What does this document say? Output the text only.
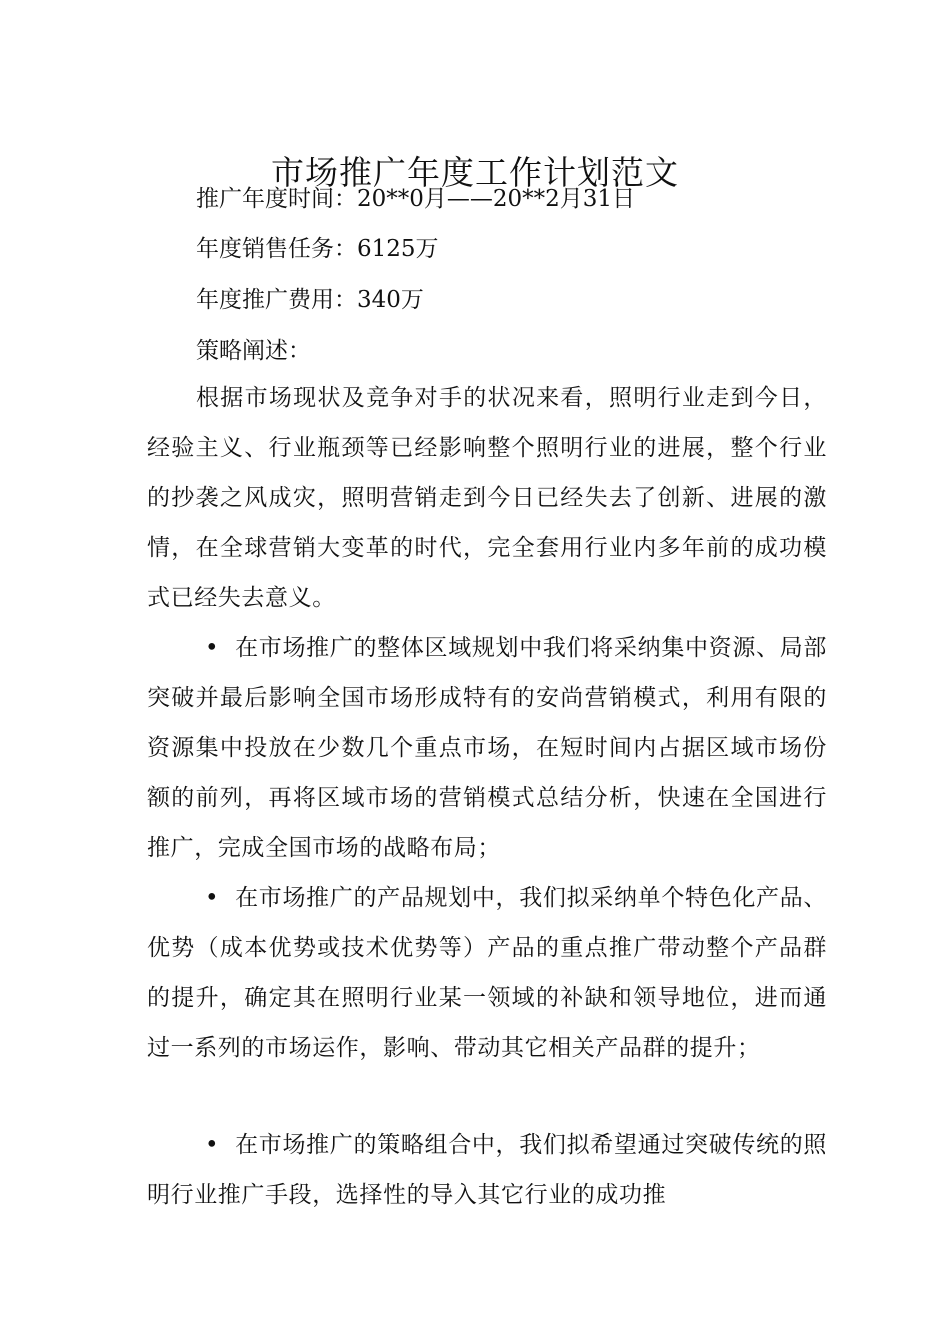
市场推广年度工作计划范文
推广年度时间：20**0月——20**2月31日
年度销售任务：6125万
年度推广费用：340万
策略阐述：

根据市场现状及竞争对手的状况来看，照明行业走到今日，经验主义、行业瓶颈等已经影响整个照明行业的进展，整个行业的抄袭之风成灾，照明营销走到今日已经失去了创新、进展的激情，在全球营销大变革的时代，完全套用行业内多年前的成功模式已经失去意义。

• 在市场推广的整体区域规划中我们将采纳集中资源、局部突破并最后影响全国市场形成特有的安尚营销模式，利用有限的资源集中投放在少数几个重点市场，在短时间内占据区域市场份额的前列，再将区域市场的营销模式总结分析，快速在全国进行推广，完成全国市场的战略布局；

• 在市场推广的产品规划中，我们拟采纳单个特色化产品、优势（成本优势或技术优势等）产品的重点推广带动整个产品群的提升，确定其在照明行业某一领域的补缺和领导地位，进而通过一系列的市场运作，影响、带动其它相关产品群的提升；

• 在市场推广的策略组合中，我们拟希望通过突破传统的照明行业推广手段，选择性的导入其它行业的成功推
